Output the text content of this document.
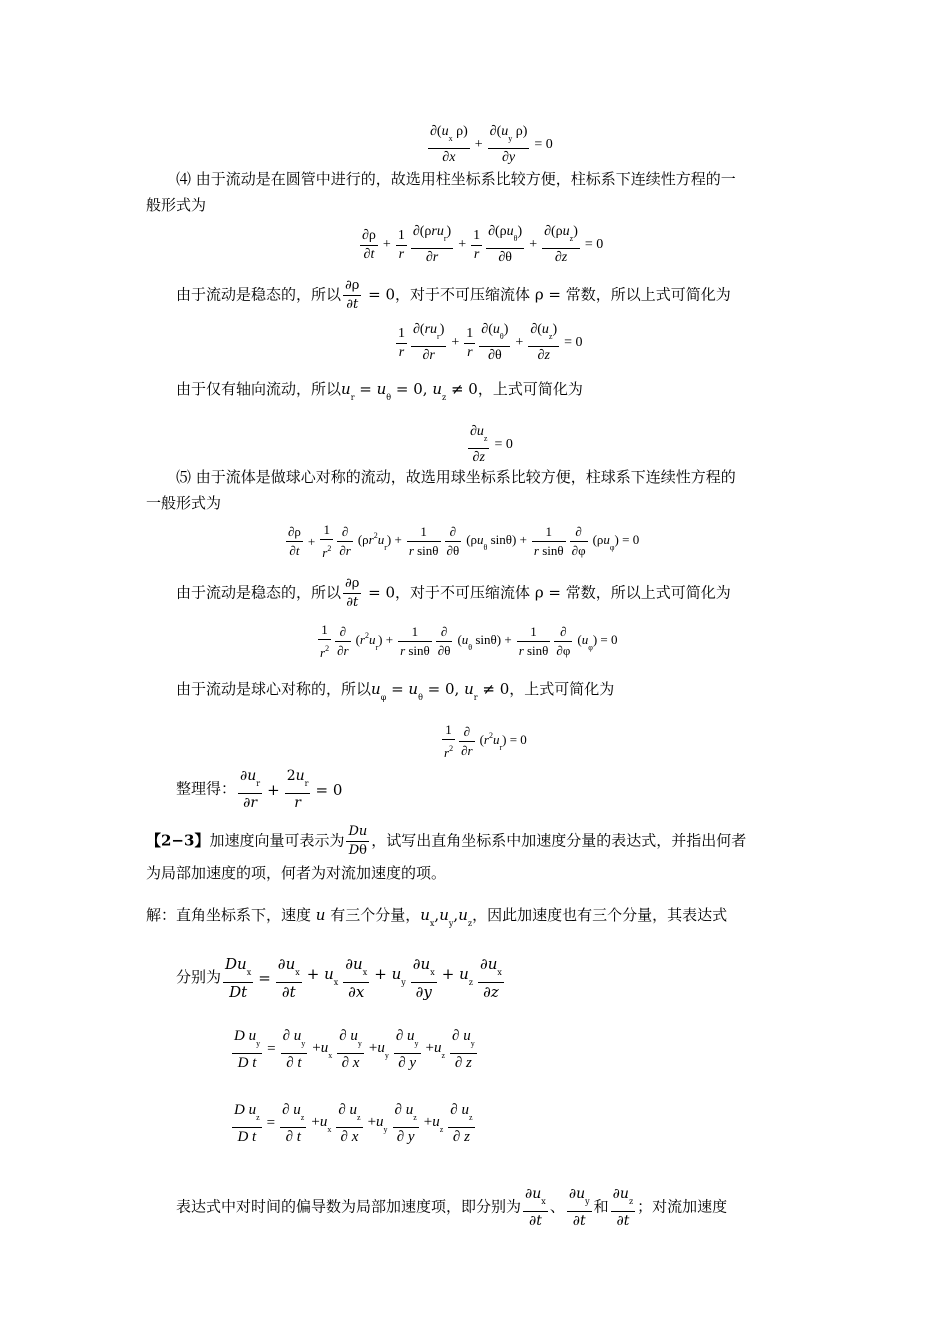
$\frac{\partial(u_x \rho)}{\partial x} + \frac{\partial(u_y \rho)}{\partial y} = 0$
⑷ 由于流动是在圆管中进行的，故选用柱坐标系比较方便，柱标系下连续性方程的一
般形式为
$\frac{\partial\rho}{\partial t} + \frac{1}{r} \frac{\partial(\rho ru_r)}{\partial r} + \frac{1}{r} \frac{\partial(\rho u_\theta)}{\partial\theta} + \frac{\partial(\rho u_z)}{\partial z} = 0$
由于流动是稳态的，所以 $\frac{\partial\rho}{\partial t} = 0$，对于不可压缩流体 ρ = 常数，所以上式可简化为
$\frac{1}{r} \frac{\partial(ru_r)}{\partial r} + \frac{1}{r} \frac{\partial(u_\theta)}{\partial\theta} + \frac{\partial(u_z)}{\partial z} = 0$
由于仅有轴向流动，所以$u_r = u_\theta = 0$, $u_z \ne 0$，上式可简化为
$\frac{\partial u_z}{\partial z} = 0$
⑸ 由于流体是做球心对称的流动，故选用球坐标系比较方便，柱球系下连续性方程的
一般形式为
$\frac{\partial\rho}{\partial t} + \frac{1}{r^2} \frac{\partial}{\partial r} (\rho r^2u_r) + \frac{1}{\text{r sinθ}} \frac{\partial}{\partial\theta} (\rho u_\theta$ $\sin\theta) + \frac{1}{\text{r sinθ}} \frac{\partial}{\partial\varphi} (\rho u_\varphi) = 0$
由于流动是稳态的，所以 $\frac{\partial\rho}{\partial t} = 0$，对于不可压缩流体 ρ = 常数，所以上式可简化为
$\frac{1}{r^2} \frac{\partial}{\partial r} (r^2u_r) + \frac{1}{\text{r sinθ}} \frac{\partial}{\partial\theta} (u_\theta$ $\sin\theta) + \frac{1}{\text{r sinθ}} \frac{\partial}{\partial\varphi} (u_\varphi) = 0$
由于流动是球心对称的，所以$u_\varphi = u_\theta = 0$, $u_r \ne 0$，上式可简化为
$\frac{1}{r^2} \frac{\partial}{\partial r} (r^2u_r) = 0$
整理得： $\frac{\partial u_r}{\partial r} + \frac{2u_r}{r} = 0$
【2−3】加速度向量可表示为 $\frac{Du}{D\theta}$ ，试写出直角坐标系中加速度分量的表达式，并指出何者
为局部加速度的项，何者为对流加速度的项。
解：直角坐标系下，速度 u 有三个分量，$u_x,u_y,u_z$，因此加速度也有三个分量，其表达式
分别为 $\frac{Du_x}{Dt} = \frac{\partial u_x}{\partial t} + u_x \frac{\partial u_x}{\partial x} + u_y \frac{\partial u_x}{\partial y} + u_z \frac{\partial u_x}{\partial z}$
$\frac{D u_y}{\text{D t}} = \frac{\partial u_y}{\partial t} +u_x \frac{\partial u_y}{\partial x} +u_y \frac{\partial u_y}{\partial y} +u_z \frac{\partial u_y}{\partial z}$
$\frac{D u_z}{\text{D t}} = \frac{\partial u_z}{\partial t} +u_x \frac{\partial u_z}{\partial x} +u_y \frac{\partial u_z}{\partial y} +u_z \frac{\partial u_z}{\partial z}$
表达式中对时间的偏导数为局部加速度项，即分别为 $\frac{\partial u_x}{\partial t}$ 、 $\frac{\partial u_y}{\partial t}$ 和 $\frac{\partial u_z}{\partial t}$ ；对流加速度
